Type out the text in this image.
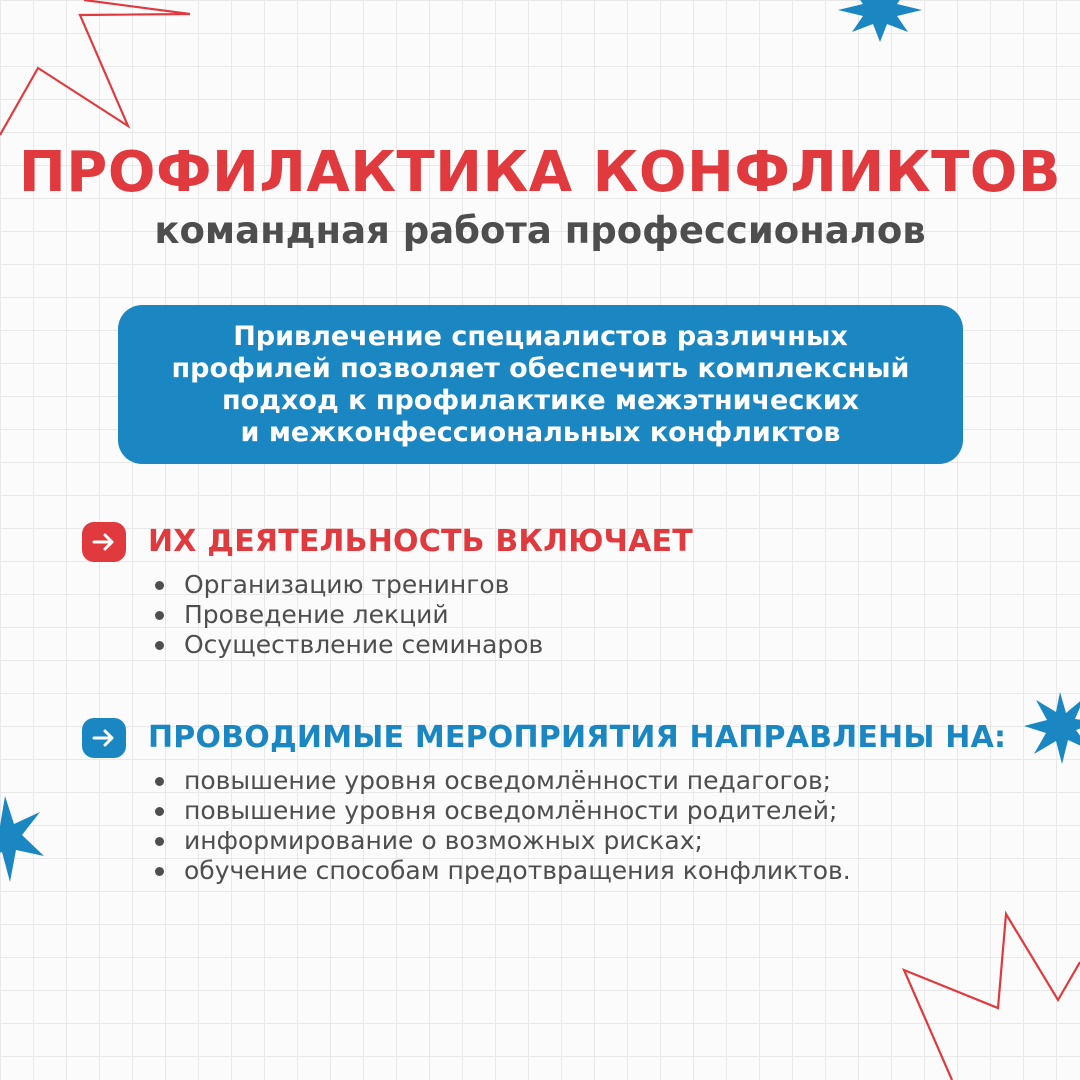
ПРОФИЛАКТИКА КОНФЛИКТОВ
командная работа профессионалов
Привлечение специалистов различных
профилей позволяет обеспечить комплексный
подход к профилактике межэтнических
и межконфессиональных конфликтов
ИХ ДЕЯТЕЛЬНОСТЬ ВКЛЮЧАЕТ
Организацию тренингов
Проведение лекций
Осуществление семинаров
ПРОВОДИМЫЕ МЕРОПРИЯТИЯ НАПРАВЛЕНЫ НА:
повышение уровня осведомлённости педагогов;
повышение уровня осведомлённости родителей;
информирование о возможных рисках;
обучение способам предотвращения конфликтов.
